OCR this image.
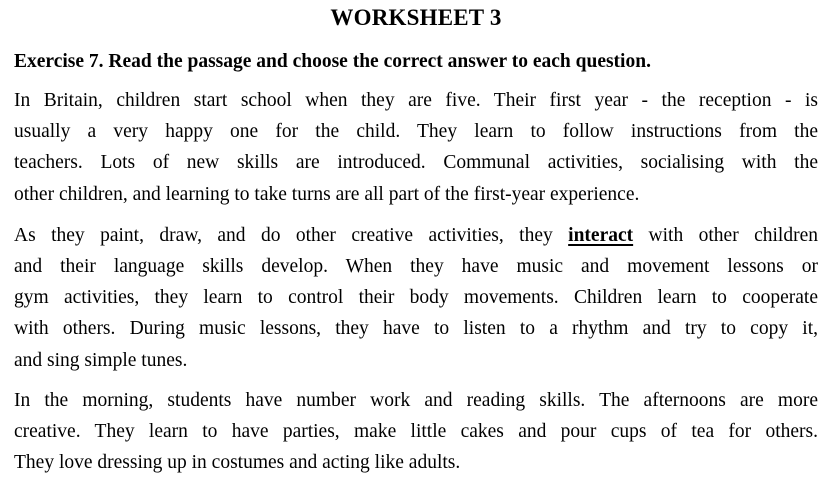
WORKSHEET 3
Exercise 7. Read the passage and choose the correct answer to each question.
In Britain, children start school when they are five. Their first year - the reception - is
usually a very happy one for the child. They learn to follow instructions from the
teachers. Lots of new skills are introduced. Communal activities, socialising with the
other children, and learning to take turns are all part of the first-year experience.
As they paint, draw, and do other creative activities, they interact with other children
and their language skills develop. When they have music and movement lessons or
gym activities, they learn to control their body movements. Children learn to cooperate
with others. During music lessons, they have to listen to a rhythm and try to copy it,
and sing simple tunes.
In the morning, students have number work and reading skills. The afternoons are more
creative. They learn to have parties, make little cakes and pour cups of tea for others.
They love dressing up in costumes and acting like adults.
